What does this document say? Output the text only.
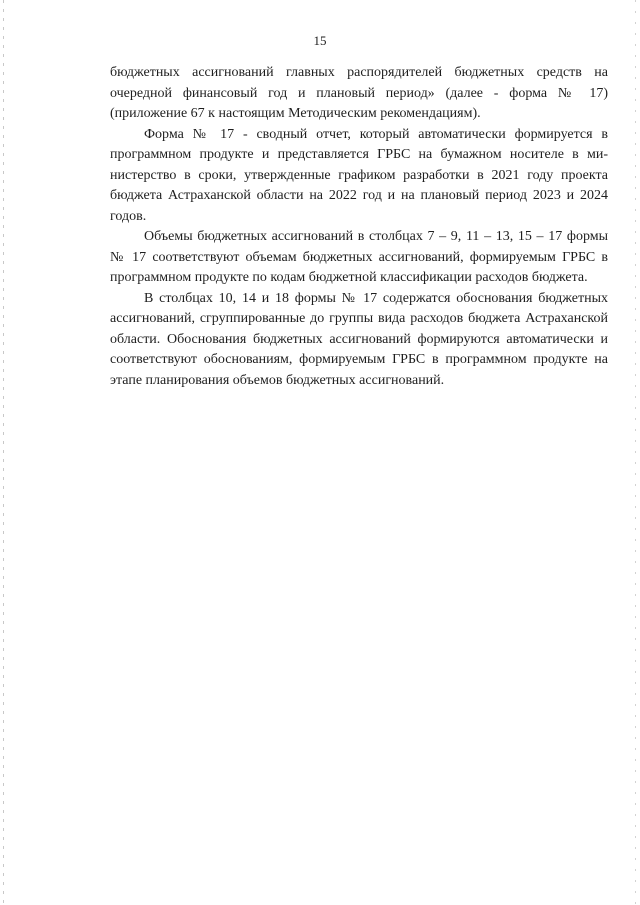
15

бюджетных ассигнований главных распорядителей бюджетных средств на очередной финансовый год и плановый период» (далее - форма № 17) (приложение 67 к настоящим Методическим рекомендациям).

Форма № 17 - сводный отчет, который автоматически формируется в программном продукте и представляется ГРБС на бумажном носителе в министерство в сроки, утвержденные графиком разработки в 2021 году проекта бюджета Астраханской области на 2022 год и на плановый период 2023 и 2024 годов.

Объемы бюджетных ассигнований в столбцах 7 – 9, 11 – 13, 15 – 17 формы № 17 соответствуют объемам бюджетных ассигнований, формируемым ГРБС в программном продукте по кодам бюджетной классификации расходов бюджета.

В столбцах 10, 14 и 18 формы № 17 содержатся обоснования бюджетных ассигнований, сгруппированные до группы вида расходов бюджета Астраханской области. Обоснования бюджетных ассигнований формируются автоматически и соответствуют обоснованиям, формируемым ГРБС в программном продукте на этапе планирования объемов бюджетных ассигнований.
